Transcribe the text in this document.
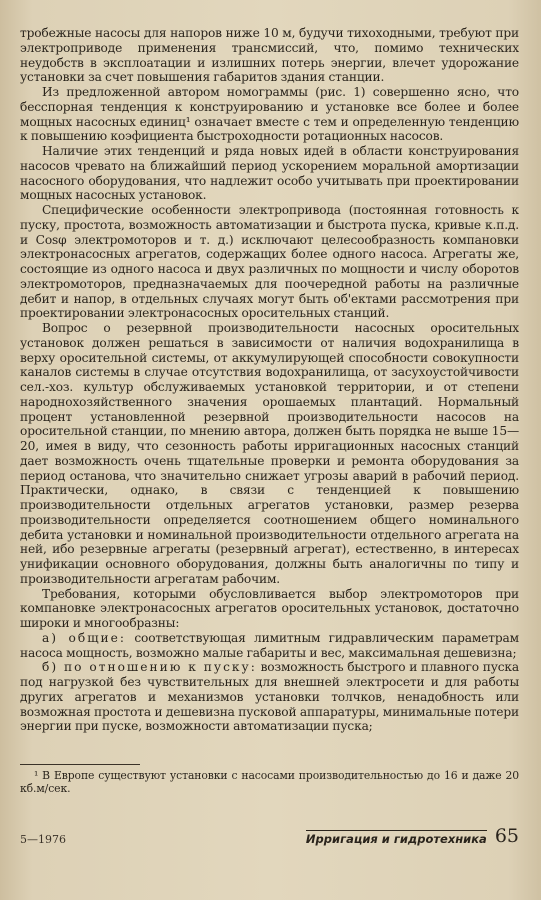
тробежные насосы для напоров ниже 10 м, будучи тихоходными, требуют при электроприводе применения трансмиссий, что, помимо технических неудобств в эксплоатации и излишних потерь энергии, влечет удорожание установки за счет повышения габаритов здания станции.

Из предложенной автором номограммы (рис. 1) совершенно ясно, что бесспорная тенденция к конструированию и установке все более и более мощных насосных единиц¹ означает вместе с тем и определенную тенденцию к повышению коэфициента быстроходности ротационных насосов.

Наличие этих тенденций и ряда новых идей в области конструирования насосов чревато на ближайший период ускорением моральной амортизации насосного оборудования, что надлежит особо учитывать при проектировании мощных насосных установок.

Специфические особенности электропривода (постоянная готовность к пуску, простота, возможность автоматизации и быстрота пуска, кривые к.п.д. и Cosφ электромоторов и т. д.) исключают целесообразность компановки электронасосных агрегатов, содержащих более одного насоса. Агрегаты же, состоящие из одного насоса и двух различных по мощности и числу оборотов электромоторов, предназначаемых для поочередной работы на различные дебит и напор, в отдельных случаях могут быть об'ектами рассмотрения при проектировании электронасосных оросительных станций.

Вопрос о резервной производительности насосных оросительных установок должен решаться в зависимости от наличия водохранилища в верху оросительной системы, от аккумулирующей способности совокупности каналов системы в случае отсутствия водохранилища, от засухоустойчивости сел.-хоз. культур обслуживаемых установкой территории, и от степени народнохозяйственного значения орошаемых плантаций. Нормальный процент установленной резервной производительности насосов на оросительной станции, по мнению автора, должен быть порядка не выше 15—20, имея в виду, что сезонность работы ирригационных насосных станций дает возможность очень тщательные проверки и ремонта оборудования за период останова, что значительно снижает угрозы аварий в рабочий период. Практически, однако, в связи с тенденцией к повышению производительности отдельных агрегатов установки, размер резерва производительности определяется соотношением общего номинального дебита установки и номинальной производительности отдельного агрегата на ней, ибо резервные агрегаты (резервный агрегат), естественно, в интересах унификации основного оборудования, должны быть аналогичны по типу и производительности агрегатам рабочим.

Требования, которыми обусловливается выбор электромоторов при компановке электронасосных агрегатов оросительных установок, достаточно широки и многообразны:

а) общие: соответствующая лимитным гидравлическим параметрам насоса мощность, возможно малые габариты и вес, максимальная дешевизна;

б) по отношению к пуску: возможность быстрого и плавного пуска под нагрузкой без чувствительных для внешней электросети и для работы других агрегатов и механизмов установки толчков, ненадобность или возможная простота и дешевизна пусковой аппаратуры, минимальные потери энергии при пуске, возможности автоматизации пуска;

¹ В Европе существуют установки с насосами производительностью до 16 и даже 20 кб.м/сек.
5—1976	Ирригация и гидротехника 65
